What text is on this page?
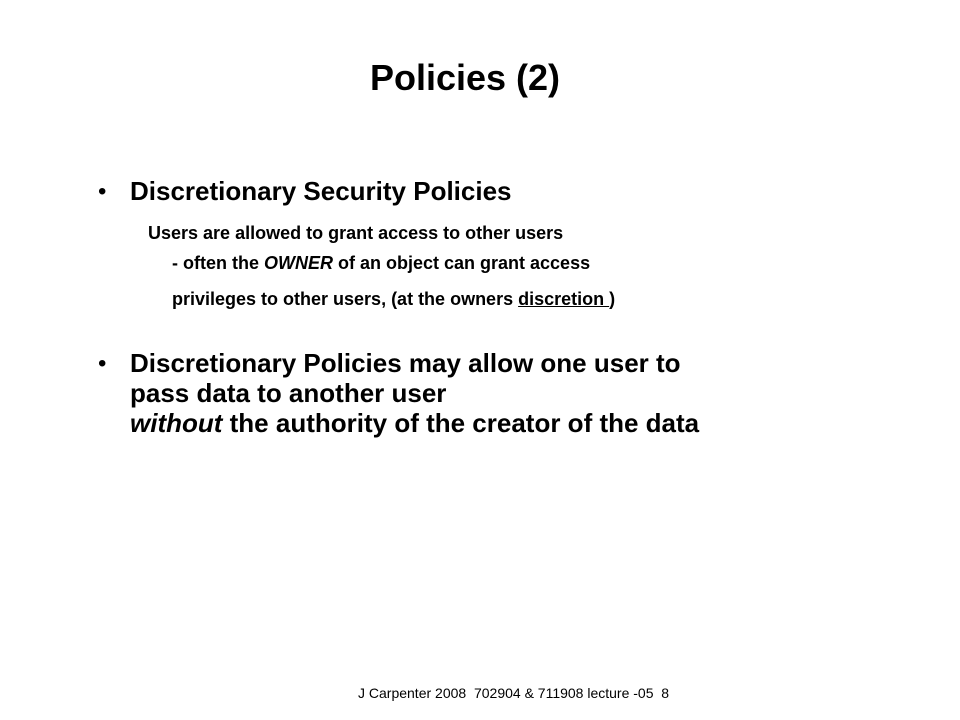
Policies (2)
• Discretionary Security Policies
Users are allowed to grant access to other users
- often the OWNER of an object can grant access
privileges to other users, (at the owners discretion )
• Discretionary Policies may allow one user to
pass data to another user
without the authority of the creator of the data
J Carpenter 2008  702904 & 711908 lecture -05  8
